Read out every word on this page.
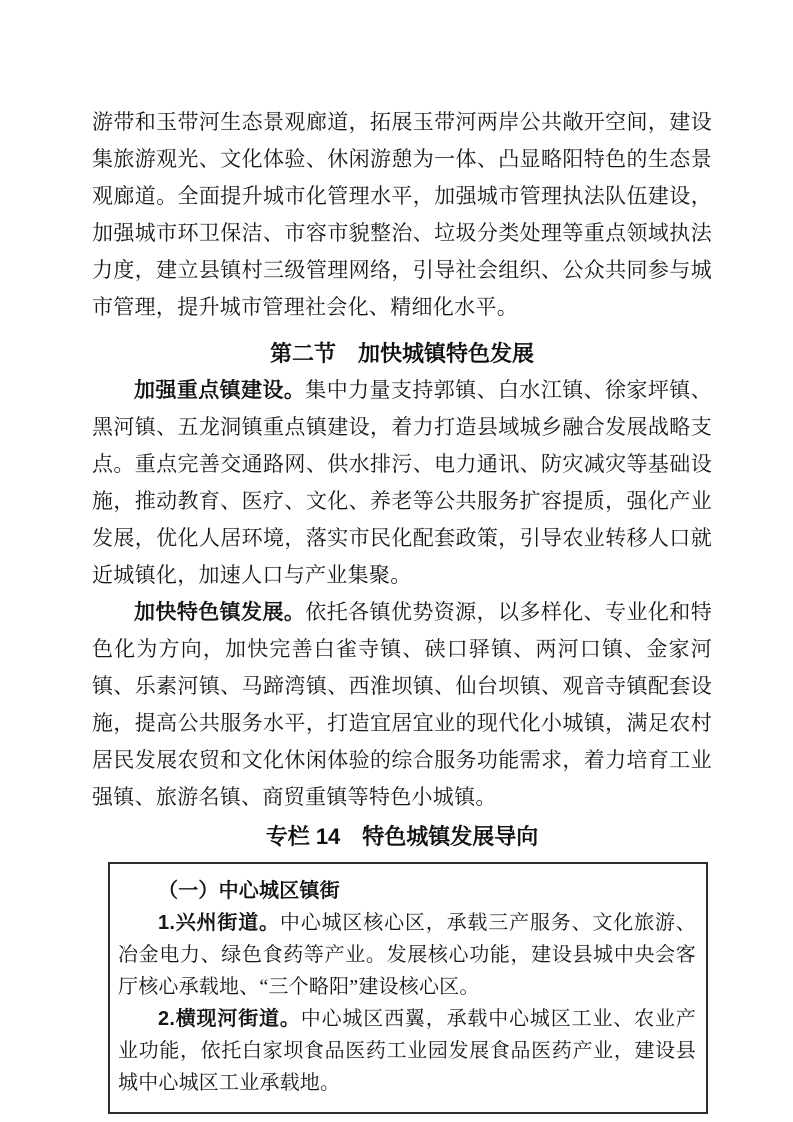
游带和玉带河生态景观廊道，拓展玉带河两岸公共敞开空间，建设集旅游观光、文化体验、休闲游憩为一体、凸显略阳特色的生态景观廊道。全面提升城市化管理水平，加强城市管理执法队伍建设，加强城市环卫保洁、市容市貌整治、垃圾分类处理等重点领域执法力度，建立县镇村三级管理网络，引导社会组织、公众共同参与城市管理，提升城市管理社会化、精细化水平。

第二节　加快城镇特色发展

加强重点镇建设。集中力量支持郭镇、白水江镇、徐家坪镇、黑河镇、五龙洞镇重点镇建设，着力打造县域城乡融合发展战略支点。重点完善交通路网、供水排污、电力通讯、防灾减灾等基础设施，推动教育、医疗、文化、养老等公共服务扩容提质，强化产业发展，优化人居环境，落实市民化配套政策，引导农业转移人口就近城镇化，加速人口与产业集聚。

加快特色镇发展。依托各镇优势资源，以多样化、专业化和特色化为方向，加快完善白雀寺镇、硖口驿镇、两河口镇、金家河镇、乐素河镇、马蹄湾镇、西淮坝镇、仙台坝镇、观音寺镇配套设施，提高公共服务水平，打造宜居宜业的现代化小城镇，满足农村居民发展农贸和文化休闲体验的综合服务功能需求，着力培育工业强镇、旅游名镇、商贸重镇等特色小城镇。

专栏 14　特色城镇发展导向

（一）中心城区镇街

1.兴州街道。中心城区核心区，承载三产服务、文化旅游、冶金电力、绿色食药等产业。发展核心功能，建设县城中央会客厅核心承载地、“三个略阳”建设核心区。

2.横现河街道。中心城区西翼，承载中心城区工业、农业产业功能，依托白家坝食品医药工业园发展食品医药产业，建设县城中心城区工业承载地。
